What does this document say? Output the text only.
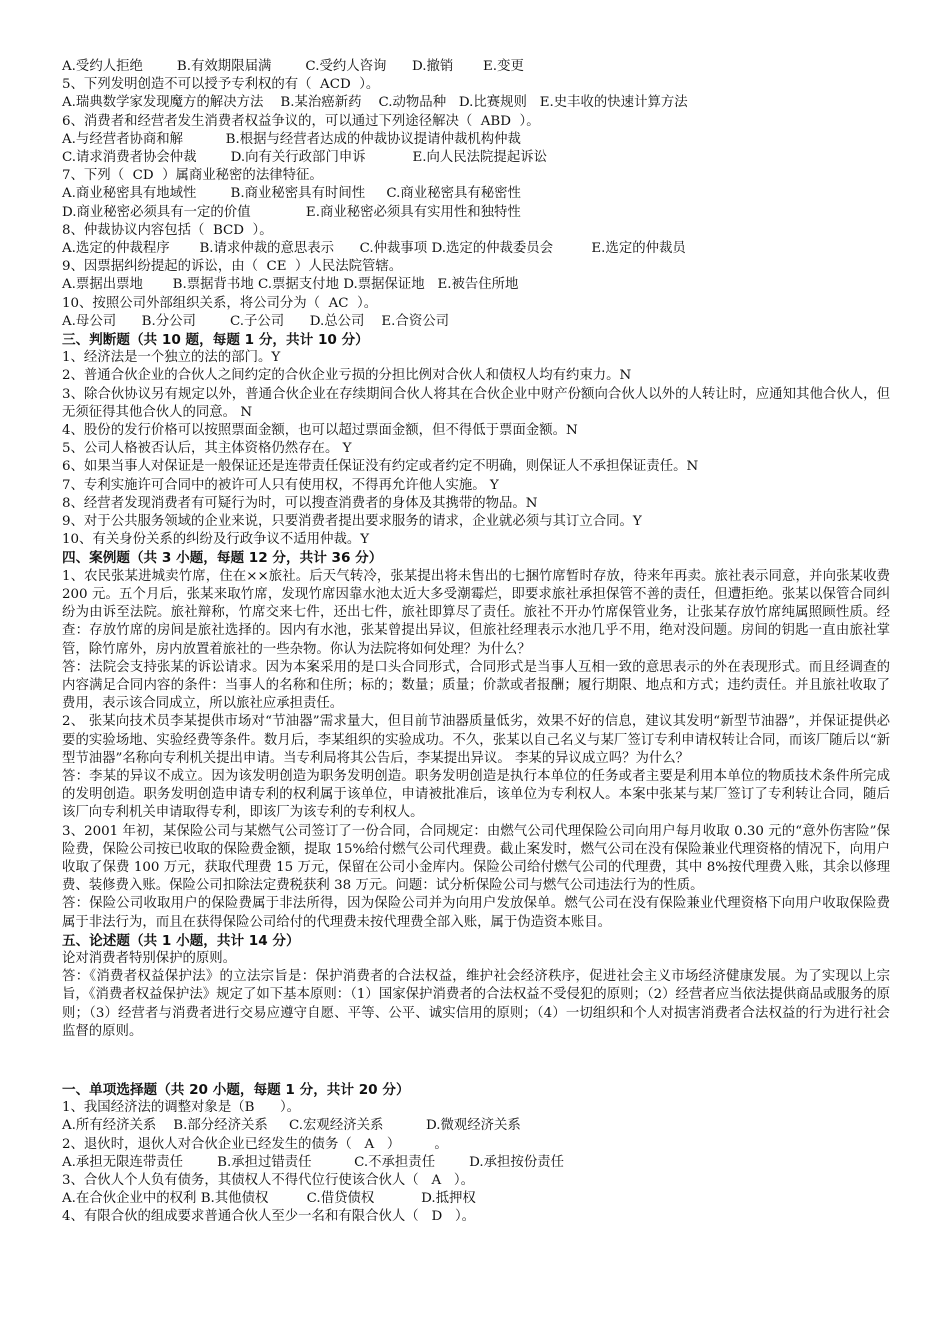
A.受约人拒绝        B.有效期限届满        C.受约人咨询      D.撤销       E.变更
5、下列发明创造不可以授予专利权的有（  ACD  ）。
A.瑞典数学家发现魔方的解决方法    B.某治癌新药    C.动物品种   D.比赛规则   E.史丰收的快速计算方法
6、消费者和经营者发生消费者权益争议的，可以通过下列途径解决（  ABD  ）。
A.与经营者协商和解          B.根据与经营者达成的仲裁协议提请仲裁机构仲裁
C.请求消费者协会仲裁        D.向有关行政部门申诉           E.向人民法院提起诉讼
7、下列（  CD  ）属商业秘密的法律特征。
A.商业秘密具有地域性        B.商业秘密具有时间性     C.商业秘密具有秘密性
D.商业秘密必须具有一定的价值             E.商业秘密必须具有实用性和独特性
8、仲裁协议内容包括（  BCD  ）。
A.选定的仲裁程序       B.请求仲裁的意思表示      C.仲裁事项 D.选定的仲裁委员会         E.选定的仲裁员
9、因票据纠纷提起的诉讼，由（  CE  ）人民法院管辖。
A.票据出票地       B.票据背书地 C.票据支付地 D.票据保证地   E.被告住所地
10、按照公司外部组织关系，将公司分为（  AC  ）。
A.母公司      B.分公司        C.子公司      D.总公司    E.合资公司
三、判断题（共 10 题，每题 1 分，共计 10 分）
1、经济法是一个独立的法的部门。Y
2、普通合伙企业的合伙人之间约定的合伙企业亏损的分担比例对合伙人和债权人均有约束力。N
3、除合伙协议另有规定以外，普通合伙企业在存续期间合伙人将其在合伙企业中财产份额向合伙人以外的人转让时，应通知其他合伙人，但无须征得其他合伙人的同意。 N
4、股份的发行价格可以按照票面金额，也可以超过票面金额，但不得低于票面金额。N
5、公司人格被否认后，其主体资格仍然存在。 Y
6、如果当事人对保证是一般保证还是连带责任保证没有约定或者约定不明确，则保证人不承担保证责任。N
7、专利实施许可合同中的被许可人只有使用权，不得再允许他人实施。 Y
8、经营者发现消费者有可疑行为时，可以搜查消费者的身体及其携带的物品。N
9、对于公共服务领域的企业来说，只要消费者提出要求服务的请求，企业就必须与其订立合同。Y
10、有关身份关系的纠纷及行政争议不适用仲裁。Y
四、案例题（共 3 小题，每题 12 分，共计 36 分）
1、农民张某进城卖竹席，住在××旅社。后天气转冷，张某提出将未售出的七捆竹席暂时存放，待来年再卖。旅社表示同意，并向张某收费 200 元。五个月后，张某来取竹席，发现竹席因靠水池太近大多受潮霉烂，即要求旅社承担保管不善的责任，但遭拒绝。张某以保管合同纠纷为由诉至法院。旅社辩称，竹席交来七件，还出七件，旅社即算尽了责任。旅社不开办竹席保管业务，让张某存放竹席纯属照顾性质。经查：存放竹席的房间是旅社选择的。因内有水池，张某曾提出异议，但旅社经理表示水池几乎不用，绝对没问题。房间的钥匙一直由旅社掌管，除竹席外，房内放置着旅社的一些杂物。你认为法院将如何处理？为什么？
答：法院会支持张某的诉讼请求。因为本案采用的是口头合同形式，合同形式是当事人互相一致的意思表示的外在表现形式。而且经调查的内容满足合同内容的条件：当事人的名称和住所；标的；数量；质量；价款或者报酬；履行期限、地点和方式；违约责任。并且旅社收取了费用，表示该合同成立，所以旅社应承担责任。
2、 张某向技术员李某提供市场对“节油器”需求量大，但目前节油器质量低劣，效果不好的信息，建议其发明“新型节油器”，并保证提供必要的实验场地、实验经费等条件。数月后，李某组织的实验成功。不久，张某以自己名义与某厂签订专利申请权转让合同，而该厂随后以“新型节油器”名称向专利机关提出申请。当专利局将其公告后，李某提出异议。 李某的异议成立吗？为什么？
答：李某的异议不成立。因为该发明创造为职务发明创造。职务发明创造是执行本单位的任务或者主要是利用本单位的物质技术条件所完成的发明创造。职务发明创造申请专利的权利属于该单位，申请被批准后，该单位为专利权人。本案中张某与某厂签订了专利转让合同，随后该厂向专利机关申请取得专利，即该厂为该专利的专利权人。
3、2001 年初，某保险公司与某燃气公司签订了一份合同，合同规定：由燃气公司代理保险公司向用户每月收取 0.30 元的“意外伤害险”保险费，保险公司按已收取的保险费金额，提取 15%给付燃气公司代理费。截止案发时，燃气公司在没有保险兼业代理资格的情况下，向用户收取了保费 100 万元，获取代理费 15 万元，保留在公司小金库内。保险公司给付燃气公司的代理费，其中 8%按代理费入账，其余以修理费、装修费入账。保险公司扣除法定费税获利 38 万元。问题：试分析保险公司与燃气公司违法行为的性质。
答：保险公司收取用户的保险费属于非法所得，因为保险公司并为向用户发放保单。燃气公司在没有保险兼业代理资格下向用户收取保险费属于非法行为，而且在获得保险公司给付的代理费未按代理费全部入账，属于伪造资本账目。
五、论述题（共 1 小题，共计 14 分）
论对消费者特别保护的原则。
答：《消费者权益保护法》的立法宗旨是：保护消费者的合法权益，维护社会经济秩序，促进社会主义市场经济健康发展。为了实现以上宗旨，《消费者权益保护法》规定了如下基本原则：（1）国家保护消费者的合法权益不受侵犯的原则；（2）经营者应当依法提供商品或服务的原则；（3）经营者与消费者进行交易应遵守自愿、平等、公平、诚实信用的原则；（4）一切组织和个人对损害消费者合法权益的行为进行社会监督的原则。
一、单项选择题（共 20 小题，每题 1 分，共计 20 分）
1、我国经济法的调整对象是（B      ）。
A.所有经济关系    B.部分经济关系     C.宏观经济关系          D.微观经济关系
2、退伙时，退伙人对合伙企业已经发生的债务（   A   ）        。
A.承担无限连带责任        B.承担过错责任          C.不承担责任        D.承担按份责任
3、合伙人个人负有债务，其债权人不得代位行使该合伙人（   A   ）。
A.在合伙企业中的权利 B.其他债权         C.借贷债权           D.抵押权
4、有限合伙的组成要求普通合伙人至少一名和有限合伙人（   D   ）。
